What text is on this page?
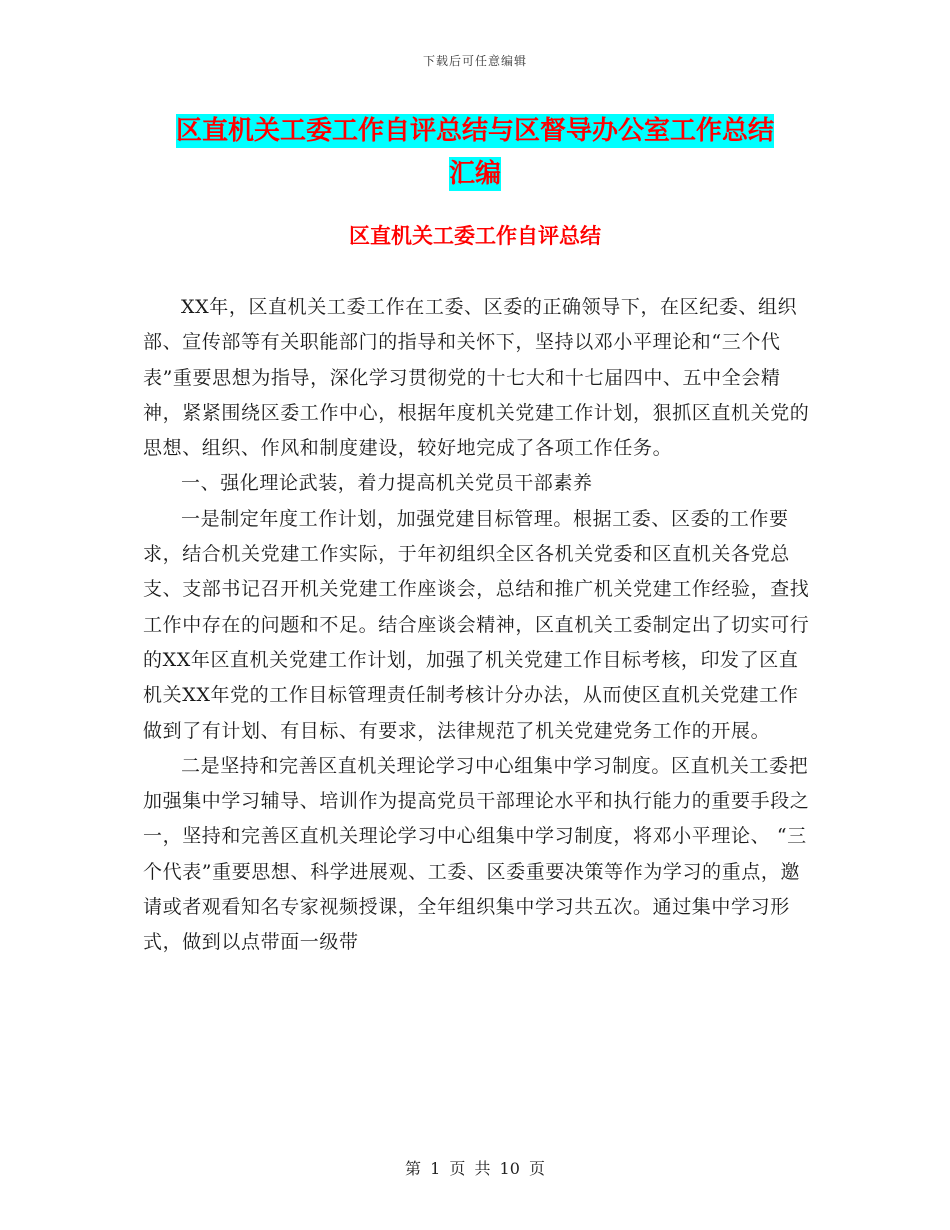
下载后可任意编辑
区直机关工委工作自评总结与区督导办公室工作总结
汇编
区直机关工委工作自评总结

XX年，区直机关工委工作在工委、区委的正确领导下，在区纪委、组织部、宣传部等有关职能部门的指导和关怀下，坚持以邓小平理论和“三个代表”重要思想为指导，深化学习贯彻党的十七大和十七届四中、五中全会精神，紧紧围绕区委工作中心，根据年度机关党建工作计划，狠抓区直机关党的思想、组织、作风和制度建设，较好地完成了各项工作任务。

一、强化理论武装，着力提高机关党员干部素养

一是制定年度工作计划，加强党建目标管理。根据工委、区委的工作要求，结合机关党建工作实际，于年初组织全区各机关党委和区直机关各党总支、支部书记召开机关党建工作座谈会，总结和推广机关党建工作经验，查找工作中存在的问题和不足。结合座谈会精神，区直机关工委制定出了切实可行的XX年区直机关党建工作计划，加强了机关党建工作目标考核，印发了区直机关XX年党的工作目标管理责任制考核计分办法，从而使区直机关党建工作做到了有计划、有目标、有要求，法律规范了机关党建党务工作的开展。

二是坚持和完善区直机关理论学习中心组集中学习制度。区直机关工委把加强集中学习辅导、培训作为提高党员干部理论水平和执行能力的重要手段之一，坚持和完善区直机关理论学习中心组集中学习制度，将邓小平理论、 “三个代表”重要思想、科学进展观、工委、区委重要决策等作为学习的重点，邀请或者观看知名专家视频授课，全年组织集中学习共五次。通过集中学习形式，做到以点带面一级带

第 1 页 共 10 页
